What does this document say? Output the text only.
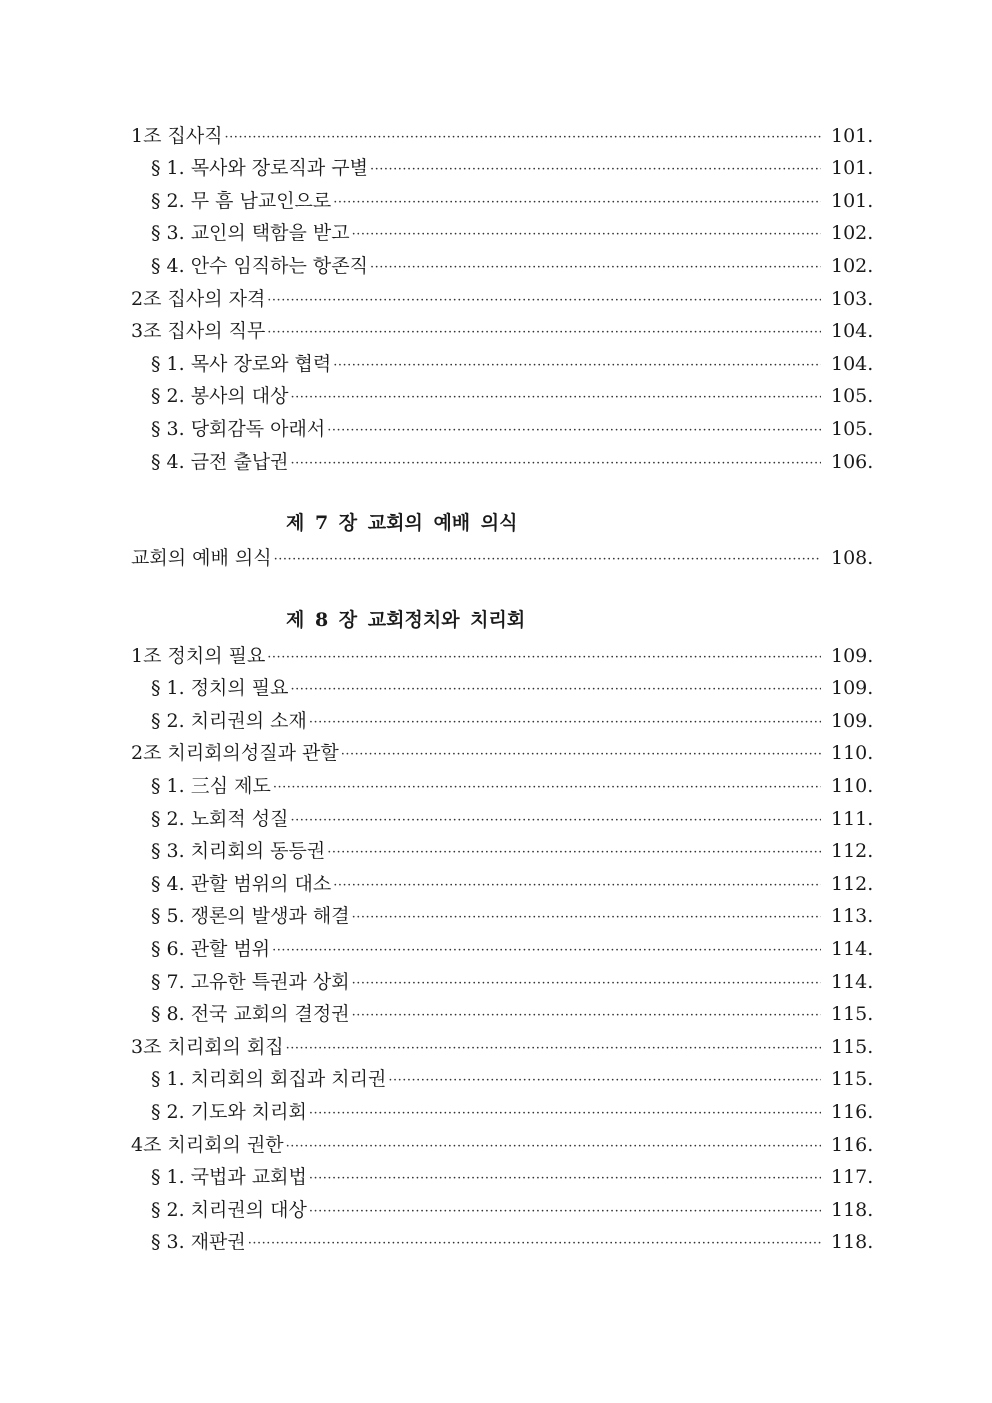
1조 집사직 ·····	101.
§ 1. 목사와 장로직과 구별 ·····	101.
§ 2. 무 흠 남교인으로 ·····	101.
§ 3. 교인의 택함을 받고 ·····	102.
§ 4. 안수 임직하는 항존직 ·····	102.
2조 집사의 자격 ·····	103.
3조 집사의 직무 ·····	104.
§ 1. 목사 장로와 협력 ·····	104.
§ 2. 봉사의 대상 ·····	105.
§ 3. 당회감독 아래서 ·····	105.
§ 4. 금전 출납권 ·····	106.
제 7 장 교회의 예배 의식
교회의 예배 의식 ·····	108.
제 8 장 교회정치와 치리회
1조 정치의 필요 ·····	109.
§ 1. 정치의 필요 ·····	109.
§ 2. 치리권의 소재 ·····	109.
2조 치리회의성질과 관할 ·····	110.
§ 1. 三심 제도 ·····	110.
§ 2. 노회적 성질 ·····	111.
§ 3. 치리회의 동등권 ·····	112.
§ 4. 관할 범위의 대소 ·····	112.
§ 5. 쟁론의 발생과 해결 ·····	113.
§ 6. 관할 범위 ·····	114.
§ 7. 고유한 특권과 상회 ·····	114.
§ 8. 전국 교회의 결정권 ·····	115.
3조 치리회의 회집 ·····	115.
§ 1. 치리회의 회집과 치리권 ·····	115.
§ 2. 기도와 치리회 ·····	116.
4조 치리회의 권한 ·····	116.
§ 1. 국법과 교회법 ·····	117.
§ 2. 치리권의 대상 ·····	118.
§ 3. 재판권 ·····	118.
